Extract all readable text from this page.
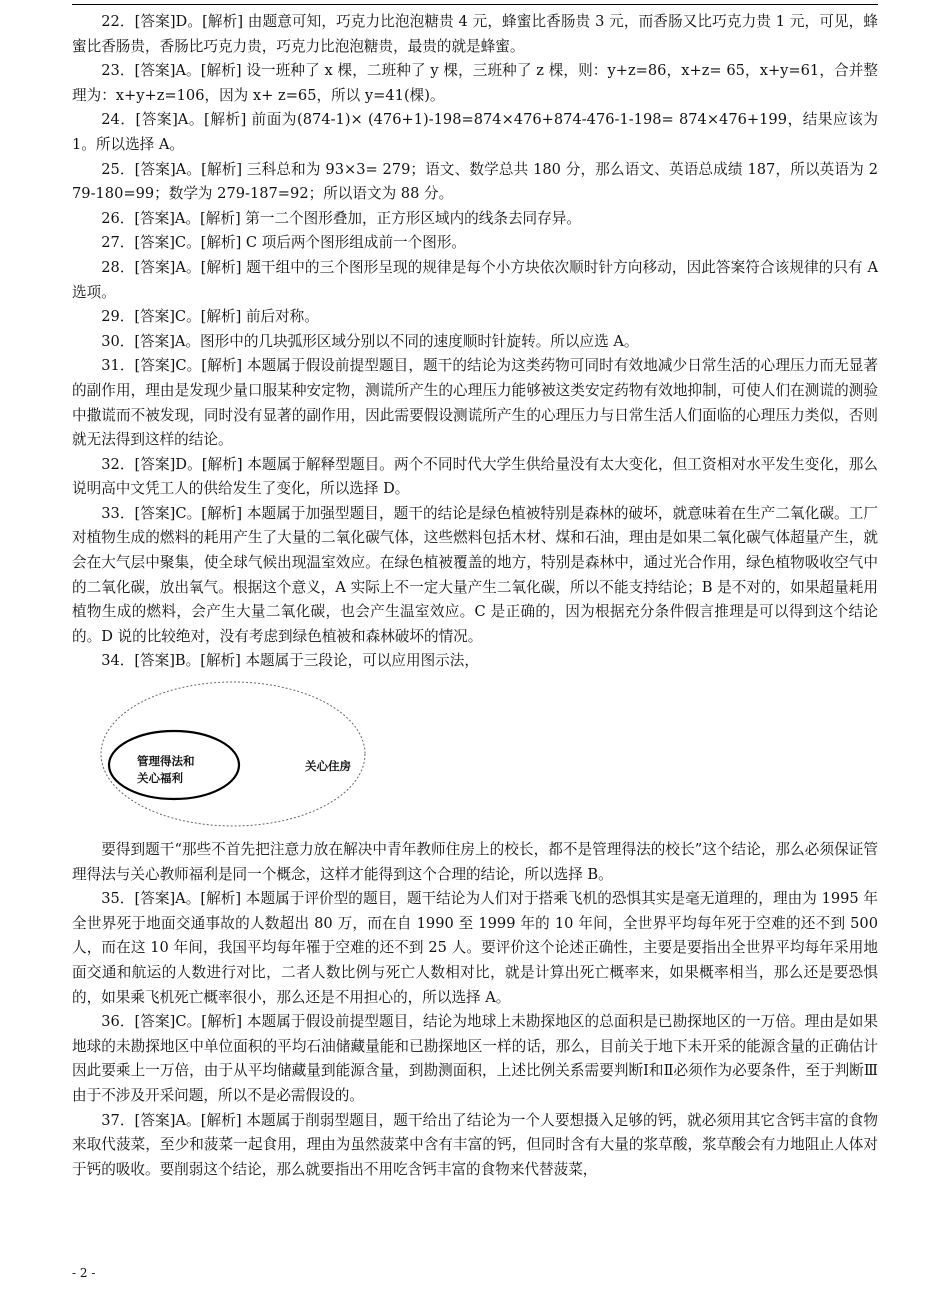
22．[答案]D。[解析] 由题意可知，巧克力比泡泡糖贵 4 元，蜂蜜比香肠贵 3 元，而香肠又比巧克力贵 1 元，可见，蜂蜜比香肠贵，香肠比巧克力贵，巧克力比泡泡糖贵，最贵的就是蜂蜜。

23．[答案]A。[解析] 设一班种了 x 棵，二班种了 y 棵，三班种了 z 棵，则：y+z=86，x+z= 65，x+y=61，合并整理为：x+y+z=106，因为 x+ z=65，所以 y=41(棵)。

24．[答案]A。[解析] 前面为(874-1)× (476+1)-198=874×476+874-476-1-198= 874×476+199，结果应该为 1。所以选择 A。

25．[答案]A。[解析] 三科总和为 93×3= 279；语文、数学总共 180 分，那么语文、英语总成绩 187，所以英语为 279-180=99；数学为 279-187=92；所以语文为 88 分。

26．[答案]A。[解析] 第一二个图形叠加，正方形区域内的线条去同存异。

27．[答案]C。[解析] C 项后两个图形组成前一个图形。

28．[答案]A。[解析] 题干组中的三个图形呈现的规律是每个小方块依次顺时针方向移动，因此答案符合该规律的只有 A 选项。

29．[答案]C。[解析] 前后对称。

30．[答案]A。图形中的几块弧形区域分别以不同的速度顺时针旋转。所以应选 A。

31．[答案]C。[解析] 本题属于假设前提型题目，题干的结论为这类药物可同时有效地减少日常生活的心理压力而无显著的副作用，理由是发现少量口服某种安定物，测谎所产生的心理压力能够被这类安定药物有效地抑制，可使人们在测谎的测验中撒谎而不被发现，同时没有显著的副作用，因此需要假设测谎所产生的心理压力与日常生活人们面临的心理压力类似，否则就无法得到这样的结论。

32．[答案]D。[解析] 本题属于解释型题目。两个不同时代大学生供给量没有太大变化，但工资相对水平发生变化，那么说明高中文凭工人的供给发生了变化，所以选择 D。

33．[答案]C。[解析] 本题属于加强型题目，题干的结论是绿色植被特别是森林的破坏，就意味着在生产二氧化碳。工厂对植物生成的燃料的耗用产生了大量的二氧化碳气体，这些燃料包括木材、煤和石油，理由是如果二氧化碳气体超量产生，就会在大气层中聚集，使全球气候出现温室效应。在绿色植被覆盖的地方，特别是森林中，通过光合作用，绿色植物吸收空气中的二氧化碳，放出氧气。根据这个意义，A 实际上不一定大量产生二氧化碳，所以不能支持结论；B 是不对的，如果超量耗用植物生成的燃料，会产生大量二氧化碳，也会产生温室效应。C 是正确的，因为根据充分条件假言推理是可以得到这个结论的。D 说的比较绝对，没有考虑到绿色植被和森林破坏的情况。

34．[答案]B。[解析] 本题属于三段论，可以应用图示法，

管理得法和
关心福利
关心住房

要得到题干“那些不首先把注意力放在解决中青年教师住房上的校长，都不是管理得法的校长”这个结论，那么必须保证管理得法与关心教师福利是同一个概念，这样才能得到这个合理的结论，所以选择 B。

35．[答案]A。[解析] 本题属于评价型的题目，题干结论为人们对于搭乘飞机的恐惧其实是毫无道理的，理由为 1995 年全世界死于地面交通事故的人数超出 80 万，而在自 1990 至 1999 年的 10 年间，全世界平均每年死于空难的还不到 500 人，而在这 10 年间，我国平均每年罹于空难的还不到 25 人。要评价这个论述正确性，主要是要指出全世界平均每年采用地面交通和航运的人数进行对比，二者人数比例与死亡人数相对比，就是计算出死亡概率来，如果概率相当，那么还是要恐惧的，如果乘飞机死亡概率很小，那么还是不用担心的，所以选择 A。

36．[答案]C。[解析] 本题属于假设前提型题目，结论为地球上未勘探地区的总面积是已勘探地区的一万倍。理由是如果地球的未勘探地区中单位面积的平均石油储藏量能和已勘探地区一样的话，那么，目前关于地下未开采的能源含量的正确估计因此要乘上一万倍，由于从平均储藏量到能源含量，到勘测面积，上述比例关系需要判断Ⅰ和Ⅱ必须作为必要条件，至于判断Ⅲ由于不涉及开采问题，所以不是必需假设的。

37．[答案]A。[解析] 本题属于削弱型题目，题干给出了结论为一个人要想摄入足够的钙，就必须用其它含钙丰富的食物来取代菠菜，至少和菠菜一起食用，理由为虽然菠菜中含有丰富的钙，但同时含有大量的浆草酸，浆草酸会有力地阻止人体对于钙的吸收。要削弱这个结论，那么就要指出不用吃含钙丰富的食物来代替菠菜，

- 2 -
